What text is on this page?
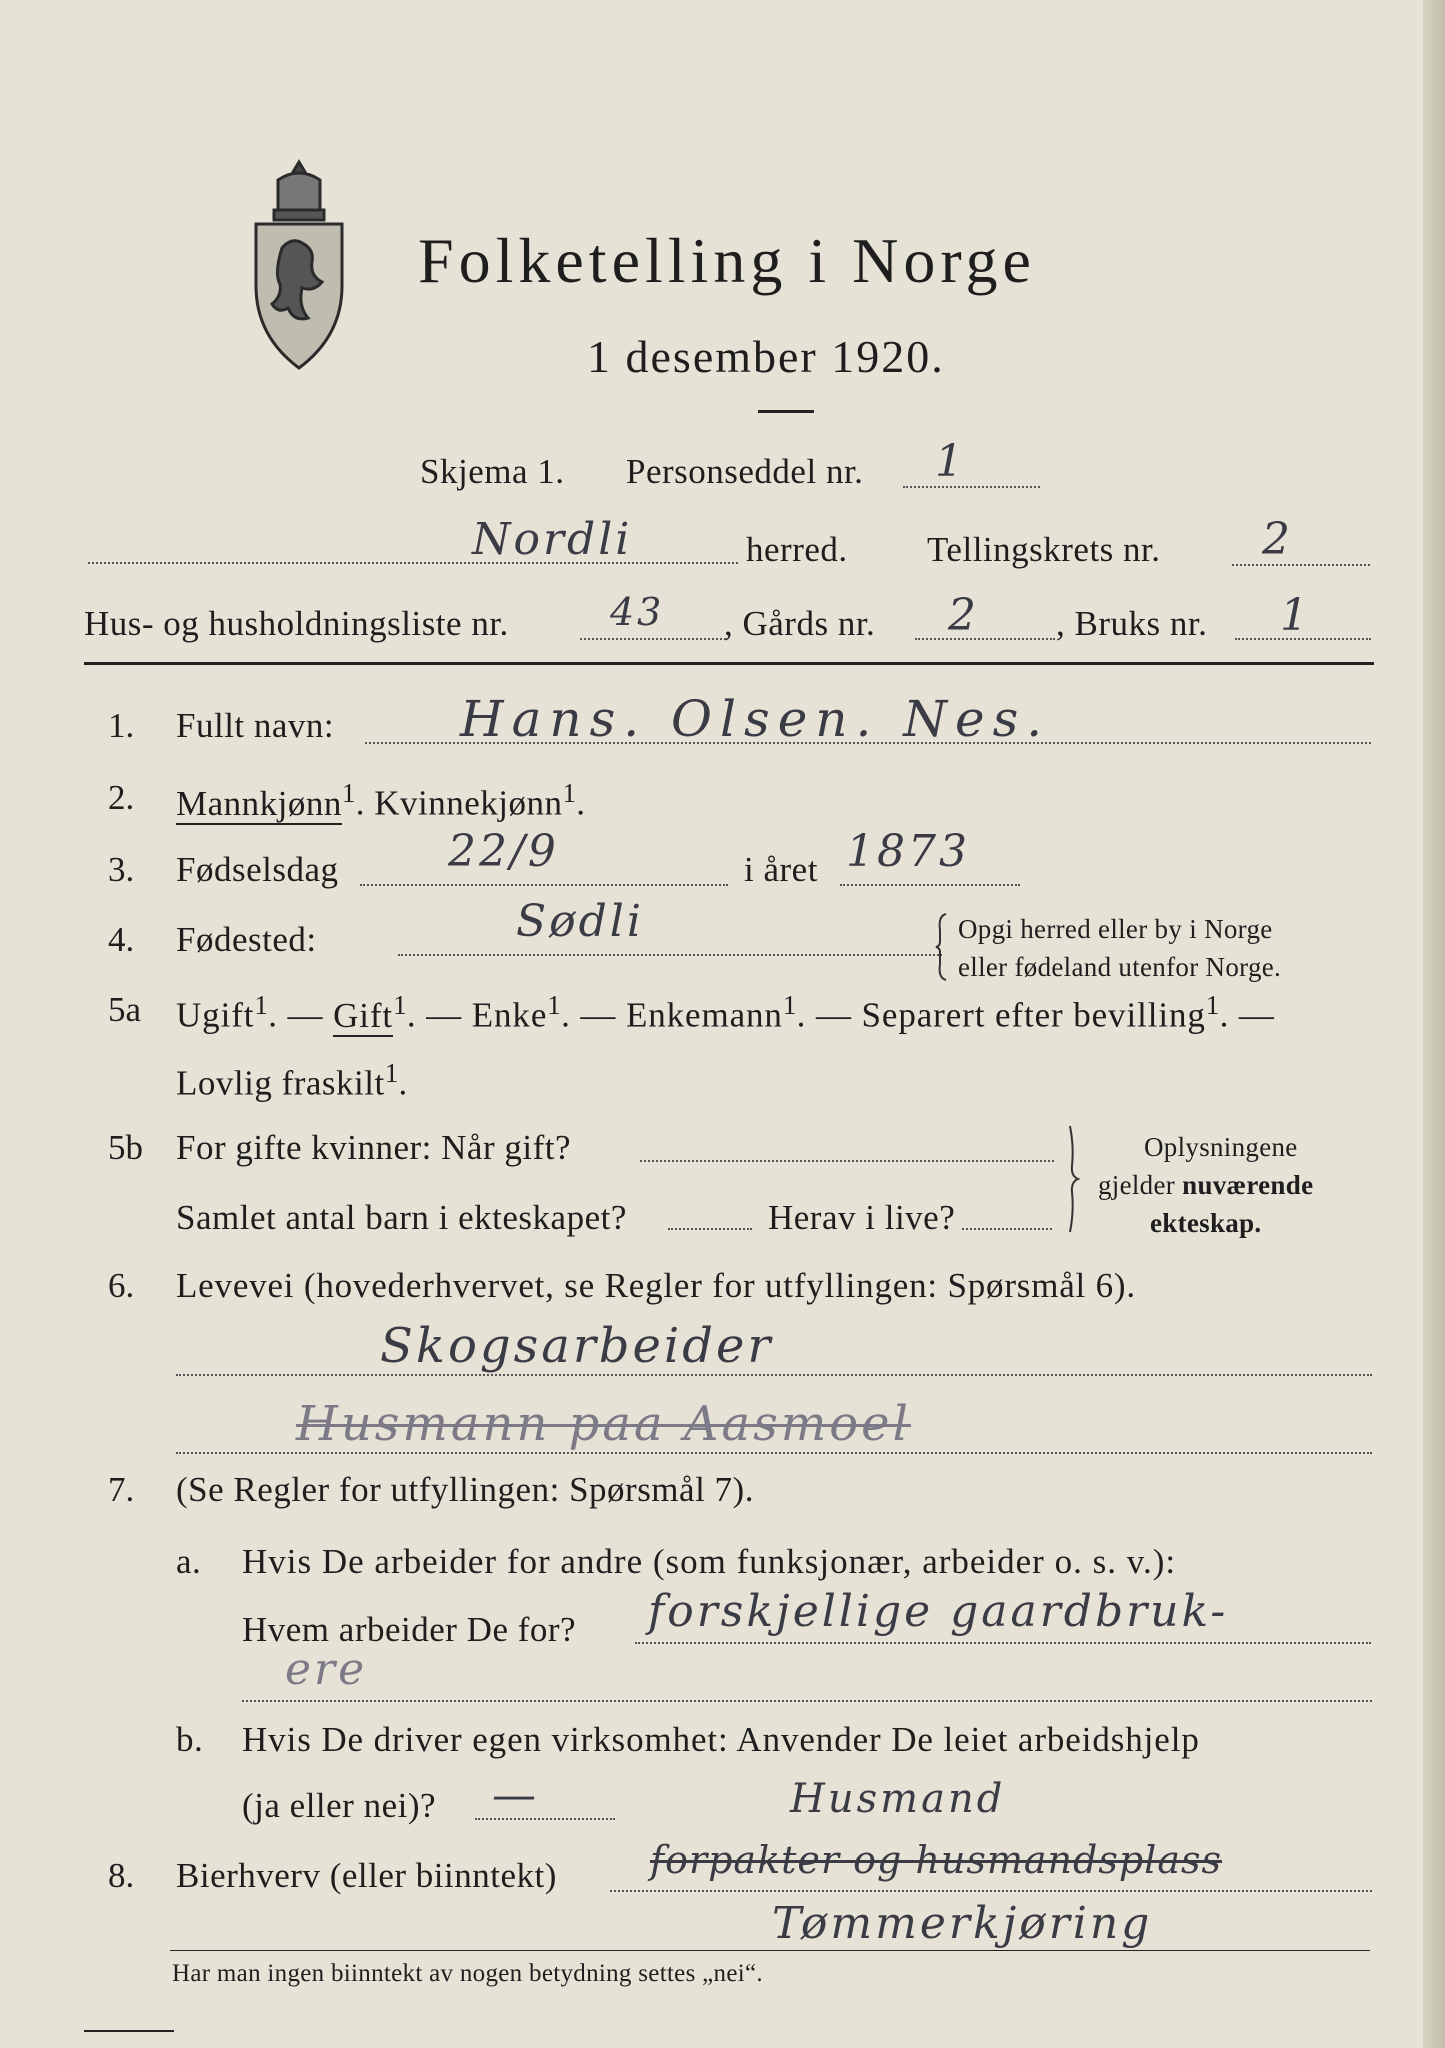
Folketelling i Norge
1 desember 1920.
Skjema 1. Personseddel nr. 1
Nordli	herred. Tellingskrets nr. 2
Hus- og husholdningsliste nr.	43 , Gårds nr. 2 , Bruks nr. 1
1. Fullt navn:	Hans. Olsen. Nes.
2. Mannkjønn$^1$. Kvinnekjønn$^1$.
3. Fødselsdag 22/9	i året 1873
4. Fødested:	Sødli	Opgi herred eller by i Norge
eller fødeland utenfor Norge.
5a Ugift$^1$. — Gift$^1$. — Enke$^1$. — Enkemann$^1$. — Separert efter bevilling$^1$. —
Lovlig fraskilt$^1$.
5b For gifte kvinner: Når gift?
Samlet antal barn i ekteskapet?	Herav i live?
Oplysningene
gjelder nuværende
ekteskap.
6. Levevei (hovederhvervet, se Regler for utfyllingen: Spørsmål 6).
Skogsarbeider
Husmann paa Aasmoel
7. (Se Regler for utfyllingen: Spørsmål 7).
a. Hvis De arbeider for andre (som funksjonær, arbeider o. s. v.):
Hvem arbeider De for? forskjellige gaardbruk-
ere
b. Hvis De driver egen virksomhet: Anvender De leiet arbeidshjelp
(ja eller nei)? —
8. Bierhverv (eller biinntekt)
Husmand
forpakter og husmandsplass
Tømmerkjøring
Har man ingen biinntekt av nogen betydning settes „nei“.
